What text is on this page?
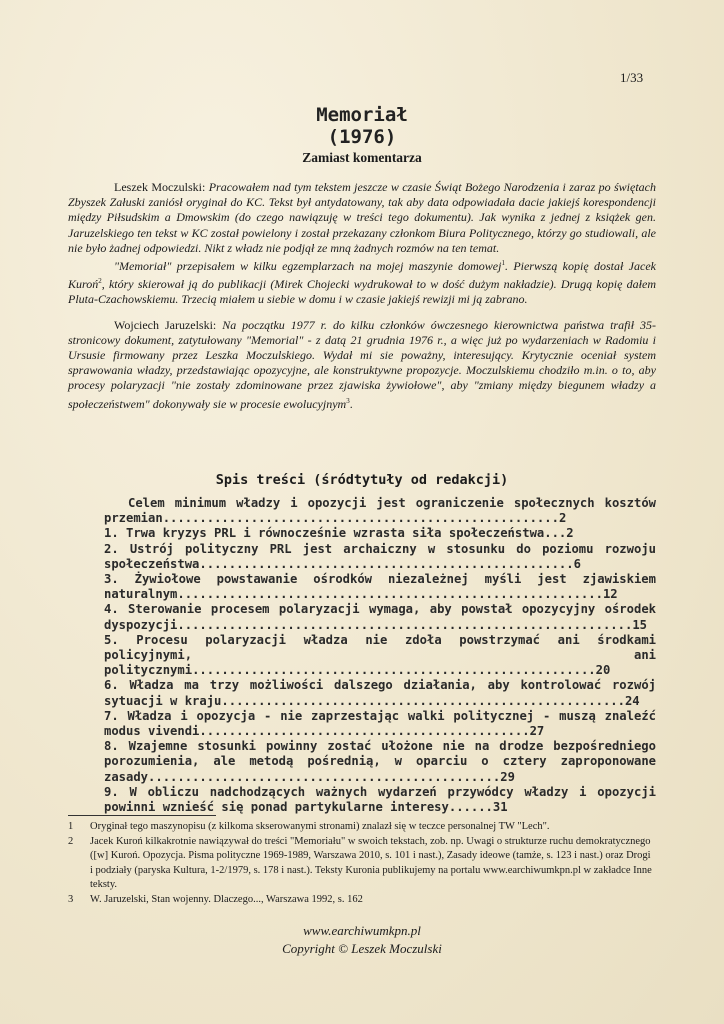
1/33
Memoriał
(1976)
Zamiast komentarza

Leszek Moczulski: Pracowałem nad tym tekstem jeszcze w czasie Świąt Bożego Narodzenia i zaraz po świętach Zbyszek Załuski zaniósł oryginał do KC. Tekst był antydatowany, tak aby data odpowiadała dacie jakiejś korespondencji między Piłsudskim a Dmowskim (do czego nawiązuję w treści tego dokumentu). Jak wynika z jednej z książek gen. Jaruzelskiego ten tekst w KC został powielony i został przekazany członkom Biura Politycznego, którzy go studiowali, ale nie było żadnej odpowiedzi. Nikt z władz nie podjął ze mną żadnych rozmów na ten temat.

"Memoriał" przepisałem w kilku egzemplarzach na mojej maszynie domowej$^1$. Pierwszą kopię dostał Jacek Kuroń$^2$, który skierował ją do publikacji (Mirek Chojecki wydrukował to w dość dużym nakładzie). Drugą kopię dałem Pluta-Czachowskiemu. Trzecią miałem u siebie w domu i w czasie jakiejś rewizji mi ją zabrano.

Wojciech Jaruzelski: Na początku 1977 r. do kilku członków ówczesnego kierownictwa państwa trafił 35-stronicowy dokument, zatytułowany "Memorial" - z datą 21 grudnia 1976 r., a więc już po wydarzeniach w Radomiu i Ursusie firmowany przez Leszka Moczulskiego. Wydał mi sie poważny, interesujący. Krytycznie oceniał system sprawowania władzy, przedstawiając opozycyjne, ale konstruktywne propozycje. Moczulskiemu chodziło m.in. o to, aby procesy polaryzacji "nie zostały zdominowane przez zjawiska żywiołowe", aby "zmiany między biegunem władzy a społeczeństwem" dokonywały sie w procesie ewolucyjnym$^3$.

Spis treści (śródtytuły od redakcji)

Celem minimum władzy i opozycji jest ograniczenie społecznych kosztów przemian......................................................2

1. Trwa kryzys PRL i równocześnie wzrasta siła społeczeństwa...2

2. Ustrój polityczny PRL jest archaiczny w stosunku do poziomu rozwoju społeczeństwa...................................................6

3. Żywiołowe powstawanie ośrodków niezależnej myśli jest zjawiskiem naturalnym..........................................................12

4. Sterowanie procesem polaryzacji wymaga, aby powstał opozycyjny ośrodek dyspozycji..............................................................15

5. Procesu polaryzacji władza nie zdoła powstrzymać ani środkami policyjnymi, ani politycznymi.......................................................20

6. Władza ma trzy możliwości dalszego działania, aby kontrolować rozwój sytuacji w kraju.......................................................24

7. Władza i opozycja - nie zaprzestając walki politycznej - muszą znaleźć modus vivendi.............................................27

8. Wzajemne stosunki powinny zostać ułożone nie na drodze bezpośredniego porozumienia, ale metodą pośrednią, w oparciu o cztery zaproponowane zasady................................................29

9. W obliczu nadchodzących ważnych wydarzeń przywódcy władzy i opozycji powinni wznieść się ponad partykularne interesy......31

1	Oryginał tego maszynopisu (z kilkoma skserowanymi stronami) znalazł się w teczce personalnej TW "Lech".
2	Jacek Kuroń kilkakrotnie nawiązywał do treści "Memoriału" w swoich tekstach, zob. np. Uwagi o strukturze ruchu demokratycznego ([w] Kuroń. Opozycja. Pisma polityczne 1969-1989, Warszawa 2010, s. 101 i nast.), Zasady ideowe (tamże, s. 123 i nast.) oraz Drogi i podziały (paryska Kultura, 1-2/1979, s. 178 i nast.). Teksty Kuronia publikujemy na portalu www.earchiwumkpn.pl w zakładce Inne teksty.
3	W. Jaruzelski, Stan wojenny. Dlaczego..., Warszawa 1992, s. 162
www.earchiwumkpn.pl
Copyright © Leszek Moczulski
